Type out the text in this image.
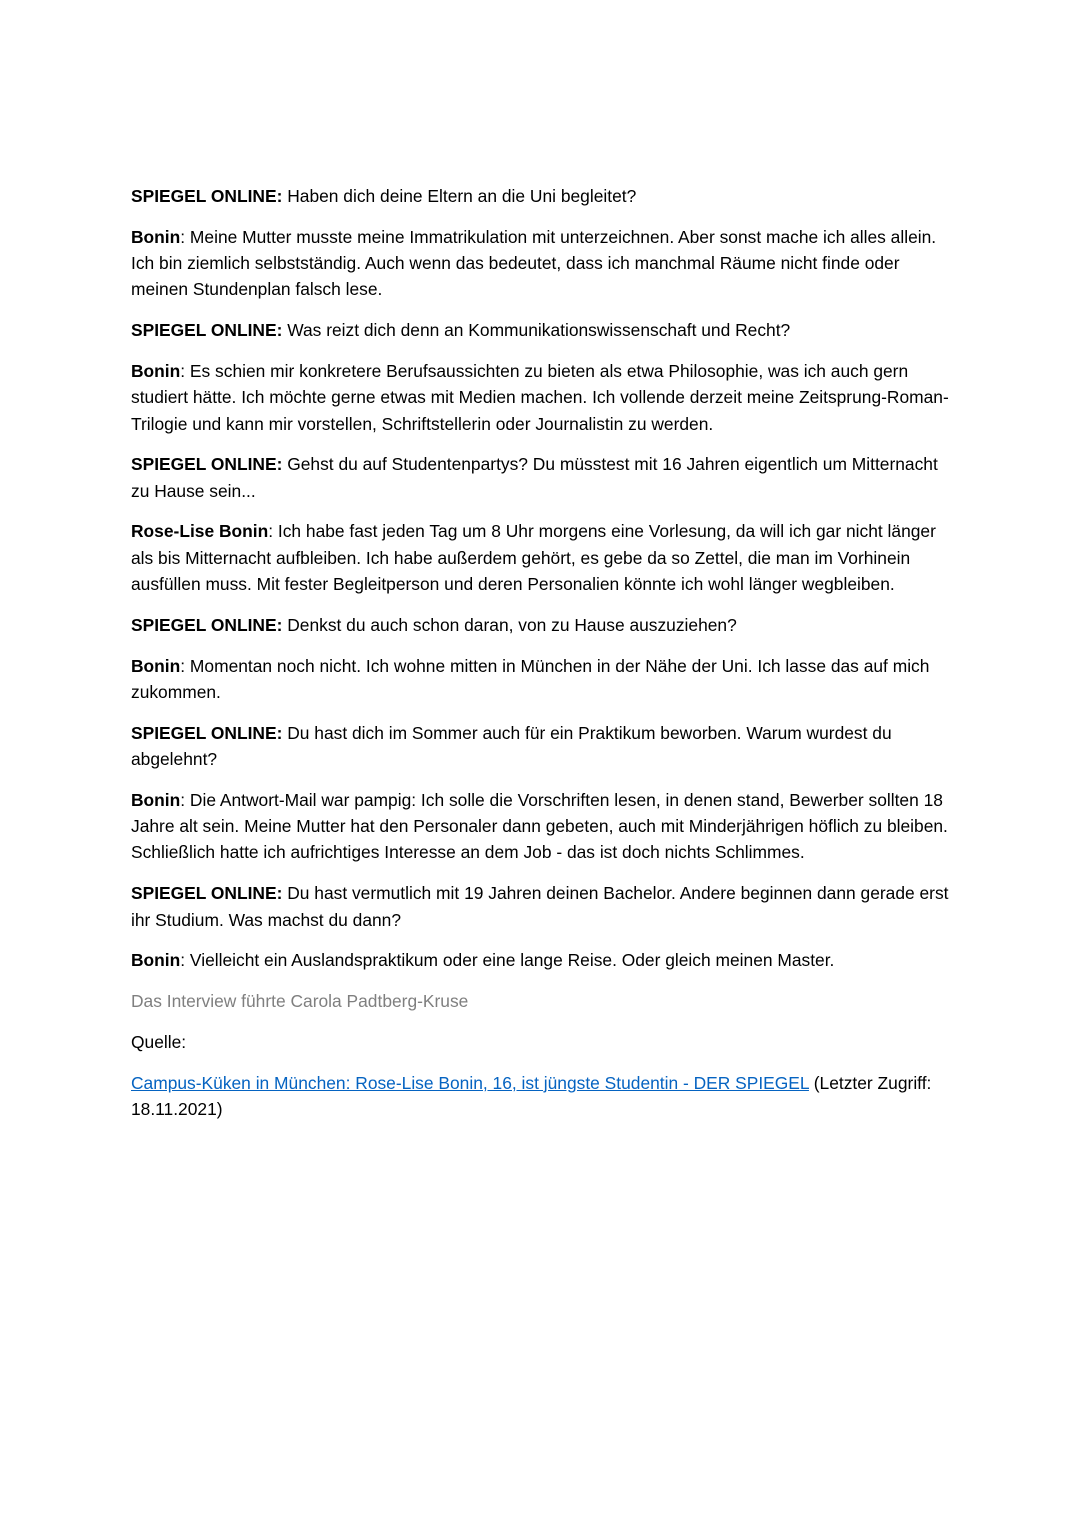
SPIEGEL ONLINE: Haben dich deine Eltern an die Uni begleitet?

Bonin: Meine Mutter musste meine Immatrikulation mit unterzeichnen. Aber sonst mache ich alles allein. Ich bin ziemlich selbstständig. Auch wenn das bedeutet, dass ich manchmal Räume nicht finde oder meinen Stundenplan falsch lese.

SPIEGEL ONLINE: Was reizt dich denn an Kommunikationswissenschaft und Recht?

Bonin: Es schien mir konkretere Berufsaussichten zu bieten als etwa Philosophie, was ich auch gern studiert hätte. Ich möchte gerne etwas mit Medien machen. Ich vollende derzeit meine Zeitsprung-Roman-Trilogie und kann mir vorstellen, Schriftstellerin oder Journalistin zu werden.

SPIEGEL ONLINE: Gehst du auf Studentenpartys? Du müsstest mit 16 Jahren eigentlich um Mitternacht zu Hause sein...

Rose-Lise Bonin: Ich habe fast jeden Tag um 8 Uhr morgens eine Vorlesung, da will ich gar nicht länger als bis Mitternacht aufbleiben. Ich habe außerdem gehört, es gebe da so Zettel, die man im Vorhinein ausfüllen muss. Mit fester Begleitperson und deren Personalien könnte ich wohl länger wegbleiben.

SPIEGEL ONLINE: Denkst du auch schon daran, von zu Hause auszuziehen?

Bonin: Momentan noch nicht. Ich wohne mitten in München in der Nähe der Uni. Ich lasse das auf mich zukommen.

SPIEGEL ONLINE: Du hast dich im Sommer auch für ein Praktikum beworben. Warum wurdest du abgelehnt?

Bonin: Die Antwort-Mail war pampig: Ich solle die Vorschriften lesen, in denen stand, Bewerber sollten 18 Jahre alt sein. Meine Mutter hat den Personaler dann gebeten, auch mit Minderjährigen höflich zu bleiben. Schließlich hatte ich aufrichtiges Interesse an dem Job - das ist doch nichts Schlimmes.

SPIEGEL ONLINE: Du hast vermutlich mit 19 Jahren deinen Bachelor. Andere beginnen dann gerade erst ihr Studium. Was machst du dann?

Bonin: Vielleicht ein Auslandspraktikum oder eine lange Reise. Oder gleich meinen Master.

Das Interview führte Carola Padtberg-Kruse

Quelle:

Campus-Küken in München: Rose-Lise Bonin, 16, ist jüngste Studentin - DER SPIEGEL (Letzter Zugriff: 18.11.2021)
